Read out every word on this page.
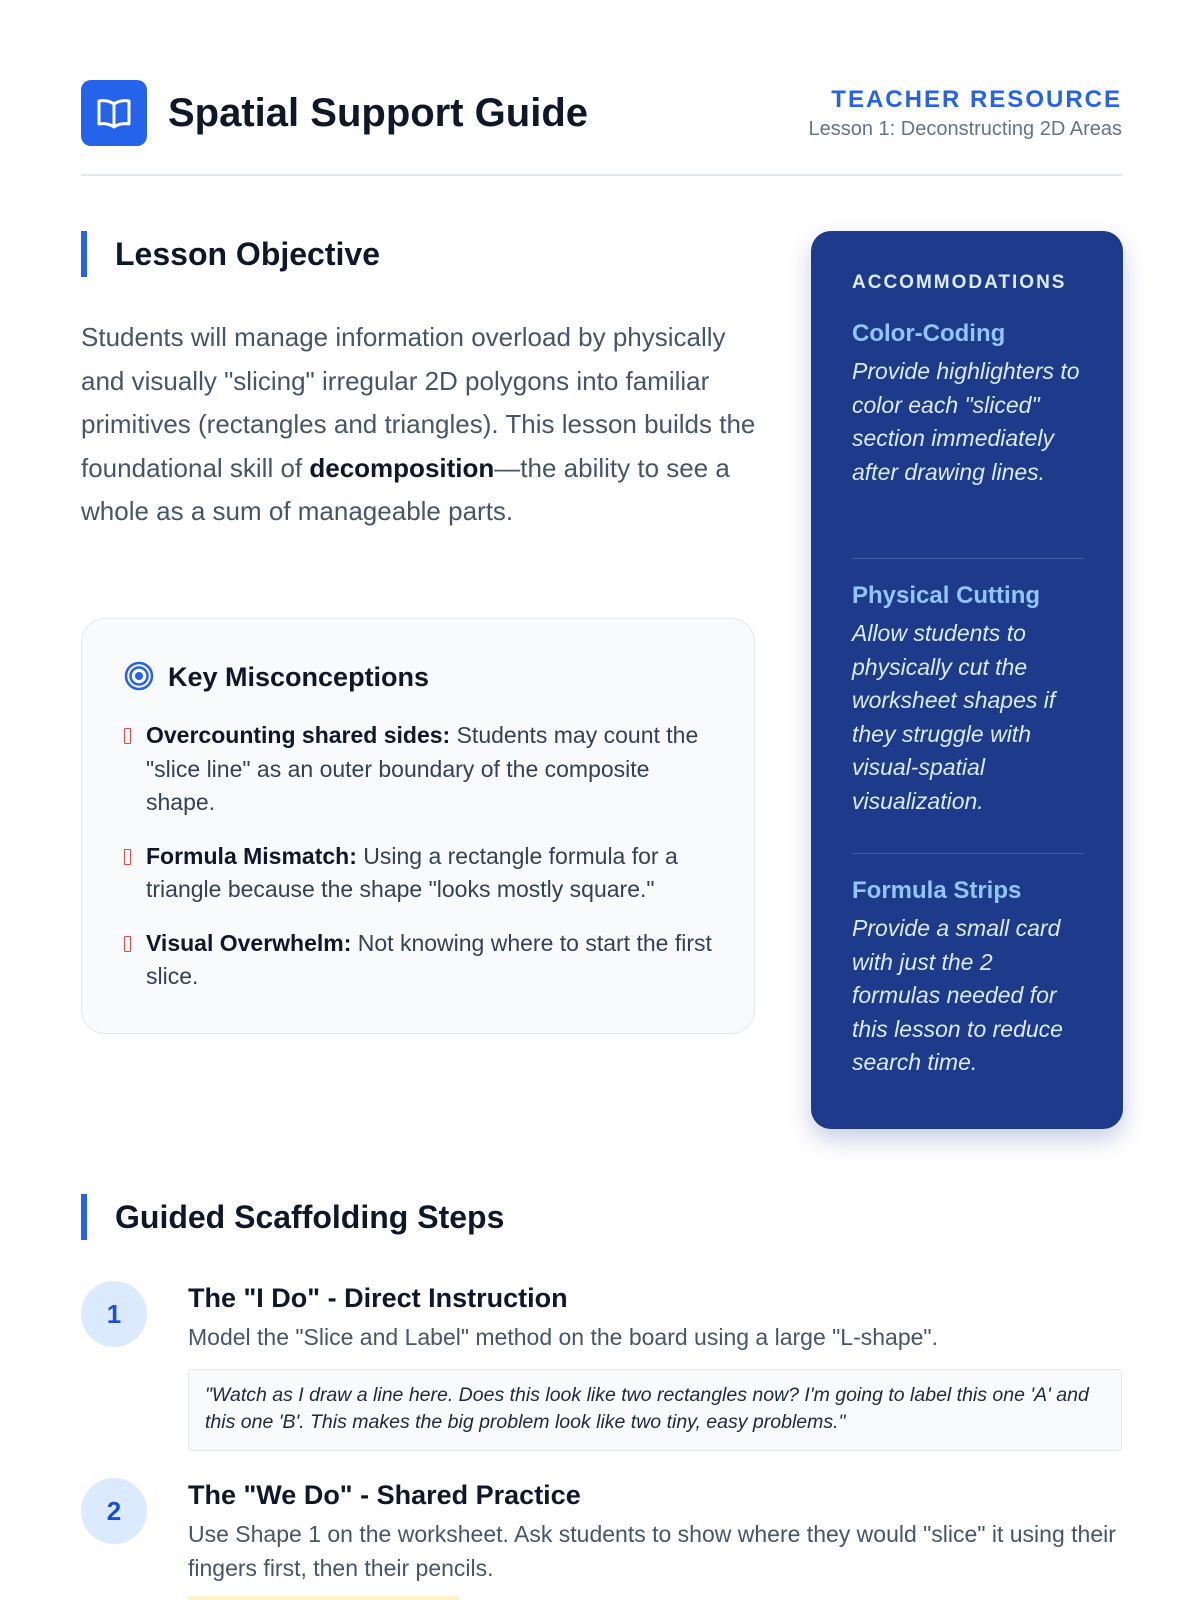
Spatial Support Guide	TEACHER RESOURCE
Lesson 1: Deconstructing 2D Areas
Lesson Objective

Students will manage information overload by physically and visually "slicing" irregular 2D polygons into familiar primitives (rectangles and triangles). This lesson builds the foundational skill of decomposition—the ability to see a whole as a sum of manageable parts.

Key Misconceptions
Overcounting shared sides: Students may count the "slice line" as an outer boundary of the composite shape.
Formula Mismatch: Using a rectangle formula for a triangle because the shape "looks mostly square."
Visual Overwhelm: Not knowing where to start the first slice.
ACCOMMODATIONS
Color-Coding
Provide highlighters to color each "sliced" section immediately after drawing lines.
Physical Cutting
Allow students to physically cut the worksheet shapes if they struggle with visual-spatial visualization.
Formula Strips
Provide a small card with just the 2 formulas needed for this lesson to reduce search time.
Guided Scaffolding Steps
1
The "I Do" - Direct Instruction
Model the "Slice and Label" method on the board using a large "L-shape".
"Watch as I draw a line here. Does this look like two rectangles now? I'm going to label this one 'A' and this one 'B'. This makes the big problem look like two tiny, easy problems."
2
The "We Do" - Shared Practice
Use Shape 1 on the worksheet. Ask students to show where they would "slice" it using their fingers first, then their pencils.
